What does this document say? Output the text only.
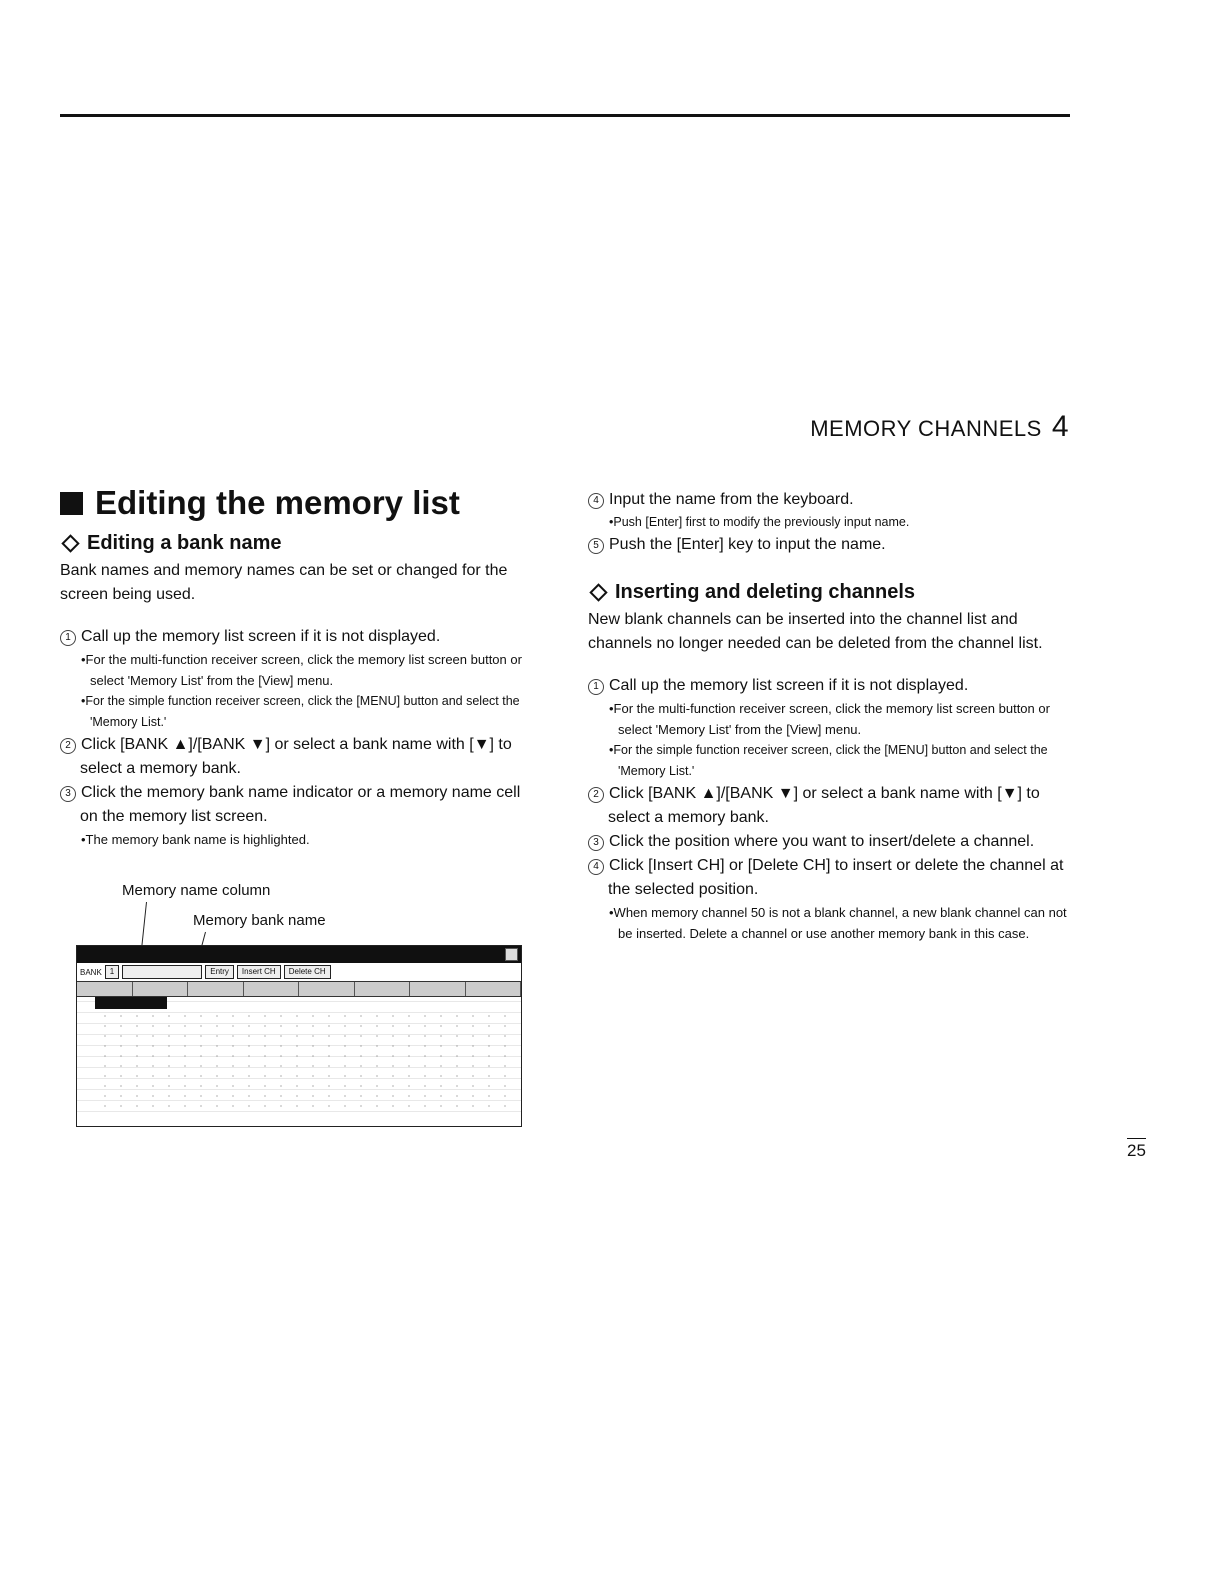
MEMORY CHANNELS 4
Editing the memory list
Editing a bank name

Bank names and memory names can be set or changed for the screen being used.

1 Call up the memory list screen if it is not displayed.

•For the multi-function receiver screen, click the memory list screen button or select 'Memory List' from the [View] menu.

•For the simple function receiver screen, click the [MENU] button and select the 'Memory List.'

2 Click [BANK ▲]/[BANK ▼] or select a bank name with [▼] to select a memory bank.

3 Click the memory bank name indicator or a memory name cell on the memory list screen.

•The memory bank name is highlighted.

Memory name column
Memory bank name
BANK	1	Entry	Insert CH	Delete CH

4 Input the name from the keyboard.

•Push [Enter] first to modify the previously input name.

5 Push the [Enter] key to input the name.

Inserting and deleting channels

New blank channels can be inserted into the channel list and channels no longer needed can be deleted from the channel list.

1 Call up the memory list screen if it is not displayed.

•For the multi-function receiver screen, click the memory list screen button or select 'Memory List' from the [View] menu.

•For the simple function receiver screen, click the [MENU] button and select the 'Memory List.'

2 Click [BANK ▲]/[BANK ▼] or select a bank name with [▼] to select a memory bank.

3 Click the position where you want to insert/delete a channel.

4 Click [Insert CH] or [Delete CH] to insert or delete the channel at the selected position.

•When memory channel 50 is not a blank channel, a new blank channel can not be inserted. Delete a channel or use another memory bank in this case.

25
